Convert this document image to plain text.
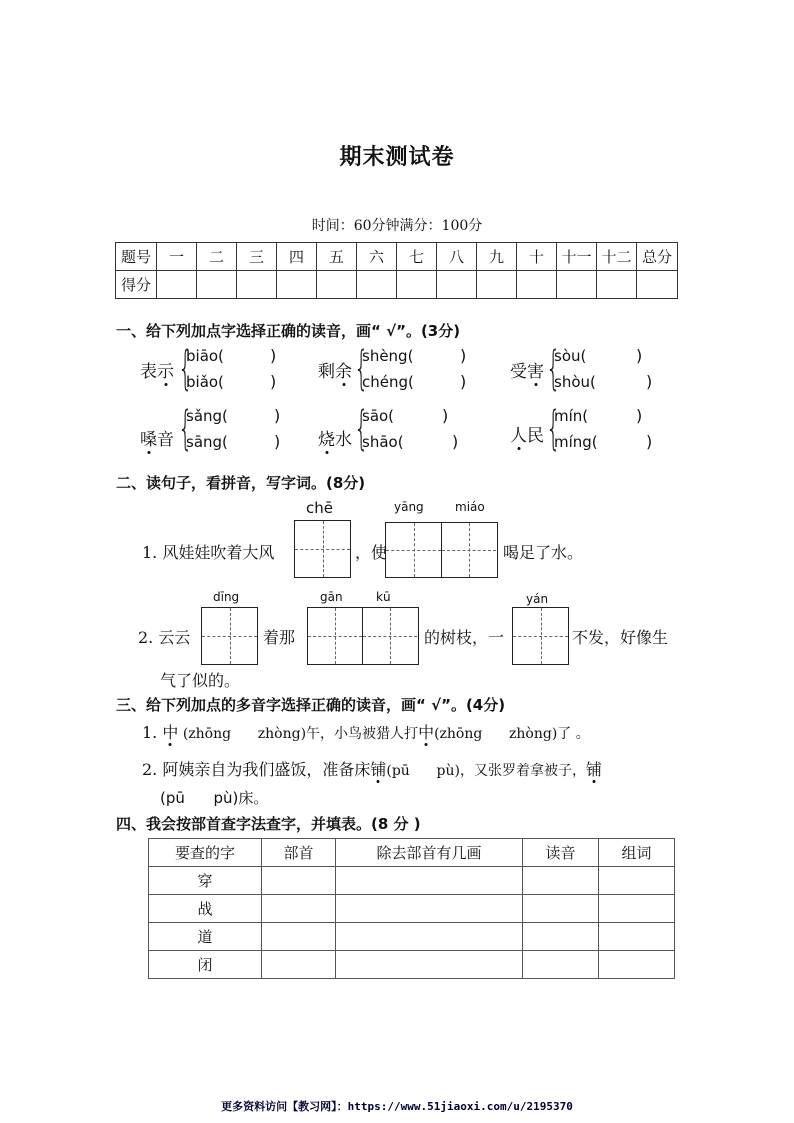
期末测试卷
时间：60分钟满分：100分
题号	一	二	三	四	五	六	七	八	九	十	十一	十二	总分
得分													
一、给下列加点字选择正确的读音，画“ √”。(3分)
表示 {
biāo(
biǎo(
)
) 剩余 {
shèng(
chéng(
)
)	受害 {
sòu(
shòu(
)
)
嗓音 {
sǎng(
sāng(
)
) 烧水 {
sāo(
shāo(
)
)	人民 {
mín(
míng(
)
)
二、读句子，看拼音，写字词。(8分)
chē	yāng	miáo
1. 风娃娃吹着大风	，使	喝足了水。
dīng	gān	kū	yán
2. 云云	着那	的树枝，一	不发，好像生
气了似的。
三、给下列加点的多音字选择正确的读音，画“ √”。(4分)
1. 中 (zhōng      zhòng)午，小鸟被猎人打中(zhōng      zhòng)了 。
2. 阿姨亲自为我们盛饭，准备床铺(pū      pù)，又张罗着拿被子，铺
(pū      pù)床。
四、我会按部首查字法查字，并填表。(8 分 )
要查的字	部首	除去部首有几画	读音	组词
穿				
战				
道				
闭				
更多资料访问【教习网】：https://www.51jiaoxi.com/u/2195370
